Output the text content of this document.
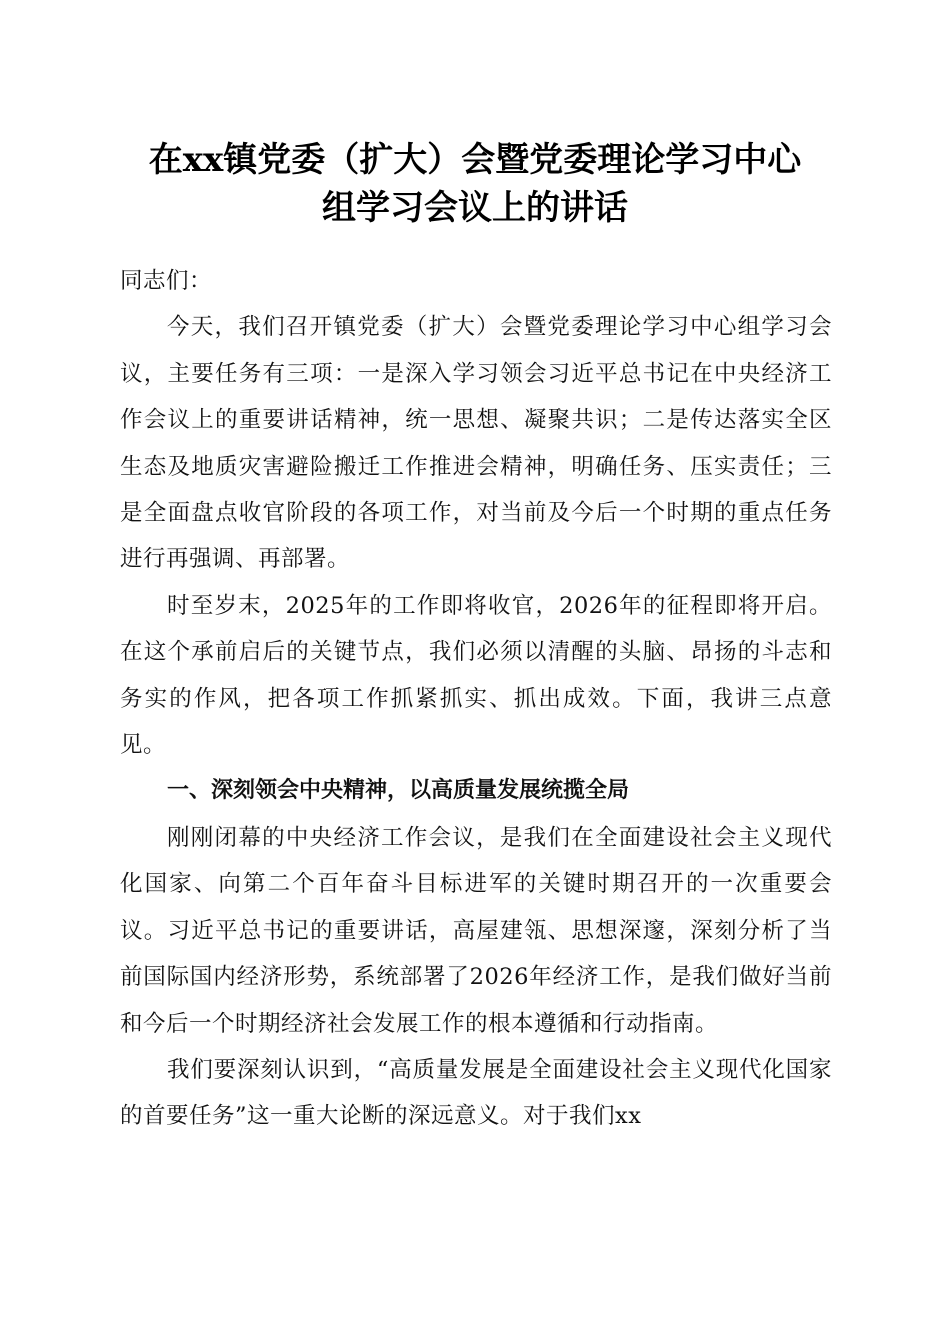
在xx镇党委（扩大）会暨党委理论学习中心
组学习会议上的讲话

同志们：

今天，我们召开镇党委（扩大）会暨党委理论学习中心组学习会议，主要任务有三项：一是深入学习领会习近平总书记在中央经济工作会议上的重要讲话精神，统一思想、凝聚共识；二是传达落实全区生态及地质灾害避险搬迁工作推进会精神，明确任务、压实责任；三是全面盘点收官阶段的各项工作，对当前及今后一个时期的重点任务进行再强调、再部署。

时至岁末，2025年的工作即将收官，2026年的征程即将开启。在这个承前启后的关键节点，我们必须以清醒的头脑、昂扬的斗志和务实的作风，把各项工作抓紧抓实、抓出成效。下面，我讲三点意见。

一、深刻领会中央精神，以高质量发展统揽全局

刚刚闭幕的中央经济工作会议，是我们在全面建设社会主义现代化国家、向第二个百年奋斗目标进军的关键时期召开的一次重要会议。习近平总书记的重要讲话，高屋建瓴、思想深邃，深刻分析了当前国际国内经济形势，系统部署了2026年经济工作，是我们做好当前和今后一个时期经济社会发展工作的根本遵循和行动指南。

我们要深刻认识到，“高质量发展是全面建设社会主义现代化国家的首要任务”这一重大论断的深远意义。对于我们xx
